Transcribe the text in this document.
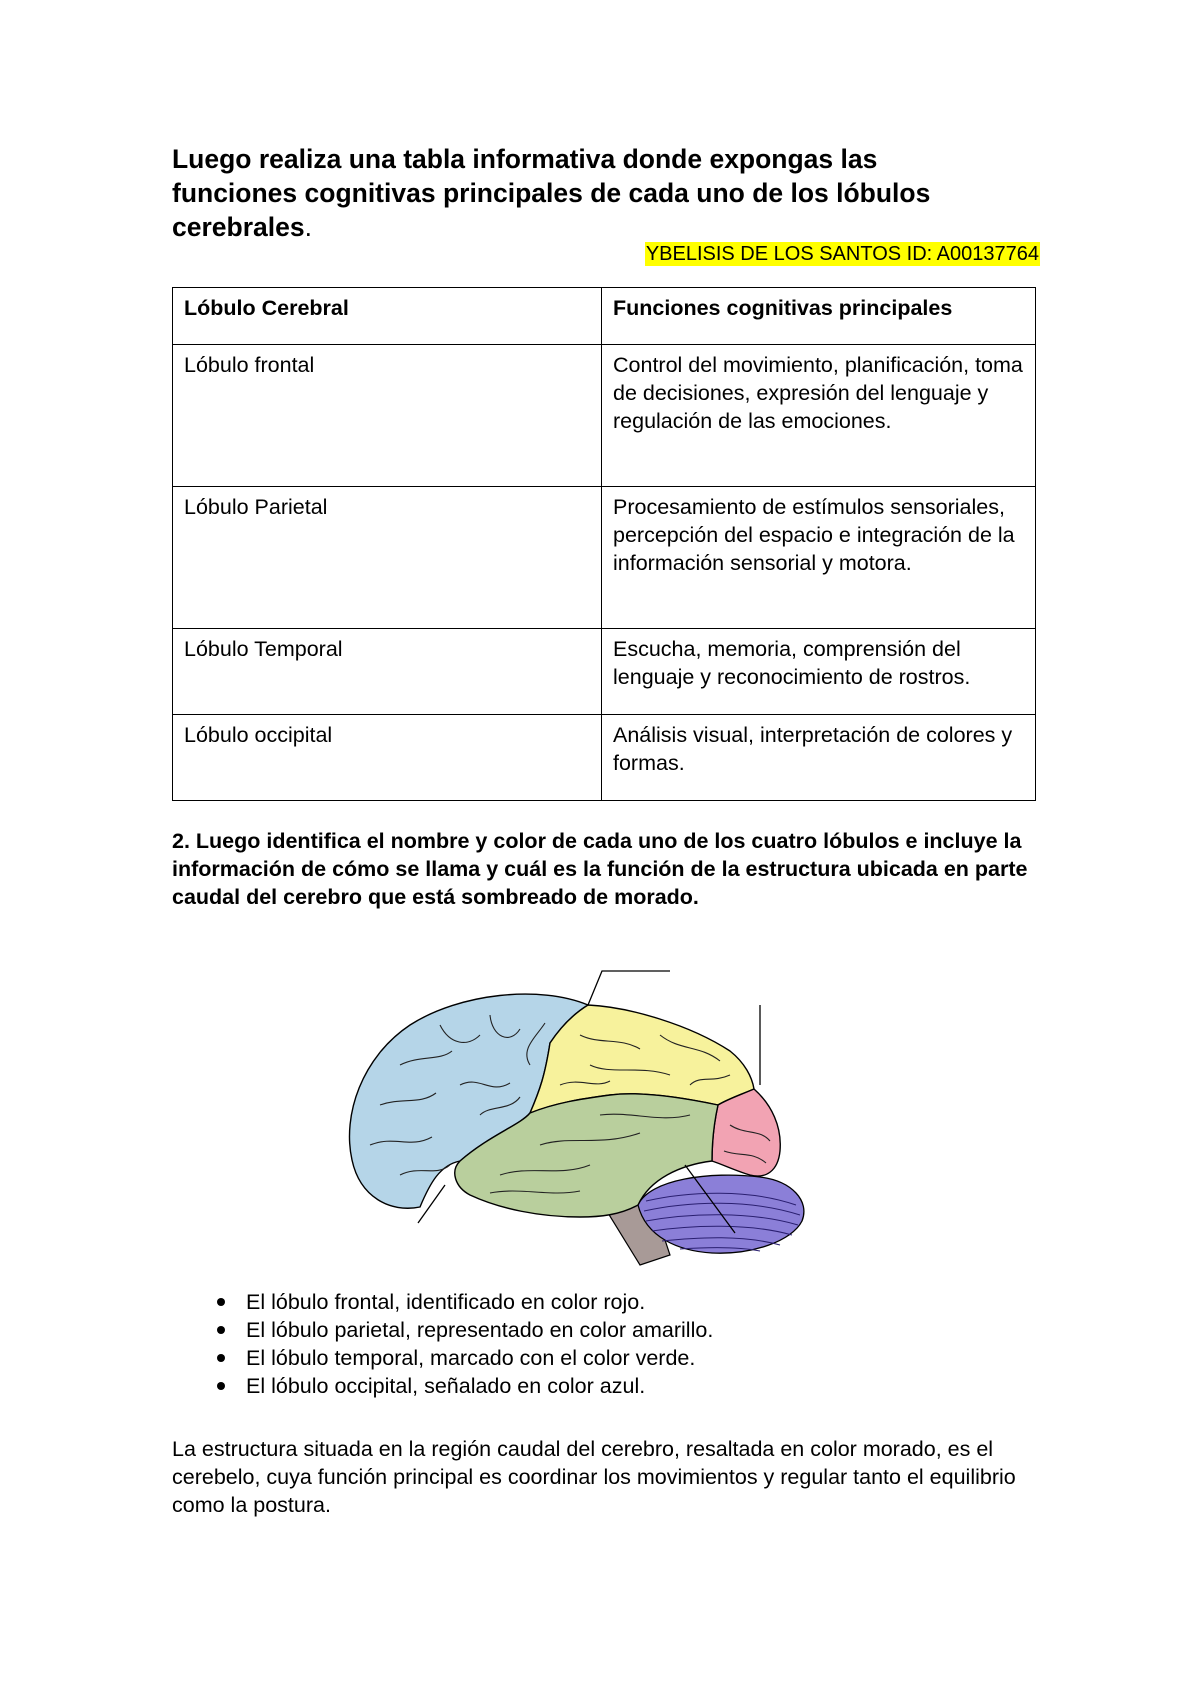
Luego realiza una tabla informativa donde expongas las
funciones cognitivas principales de cada uno de los lóbulos
cerebrales.
YBELISIS DE LOS SANTOS ID: A00137764
Lóbulo Cerebral	Funciones cognitivas principales
Lóbulo frontal	Control del movimiento, planificación, toma de decisiones, expresión del lenguaje y regulación de las emociones.
Lóbulo Parietal	Procesamiento de estímulos sensoriales, percepción del espacio e integración de la información sensorial y motora.
Lóbulo Temporal	Escucha, memoria, comprensión del lenguaje y reconocimiento de rostros.
Lóbulo occipital	Análisis visual, interpretación de colores y formas.
2. Luego identifica el nombre y color de cada uno de los cuatro lóbulos e incluye la información de cómo se llama y cuál es la función de la estructura ubicada en parte caudal del cerebro que está sombreado de morado.
El lóbulo frontal, identificado en color rojo.
El lóbulo parietal, representado en color amarillo.
El lóbulo temporal, marcado con el color verde.
El lóbulo occipital, señalado en color azul.
La estructura situada en la región caudal del cerebro, resaltada en color morado, es el cerebelo, cuya función principal es coordinar los movimientos y regular tanto el equilibrio como la postura.
